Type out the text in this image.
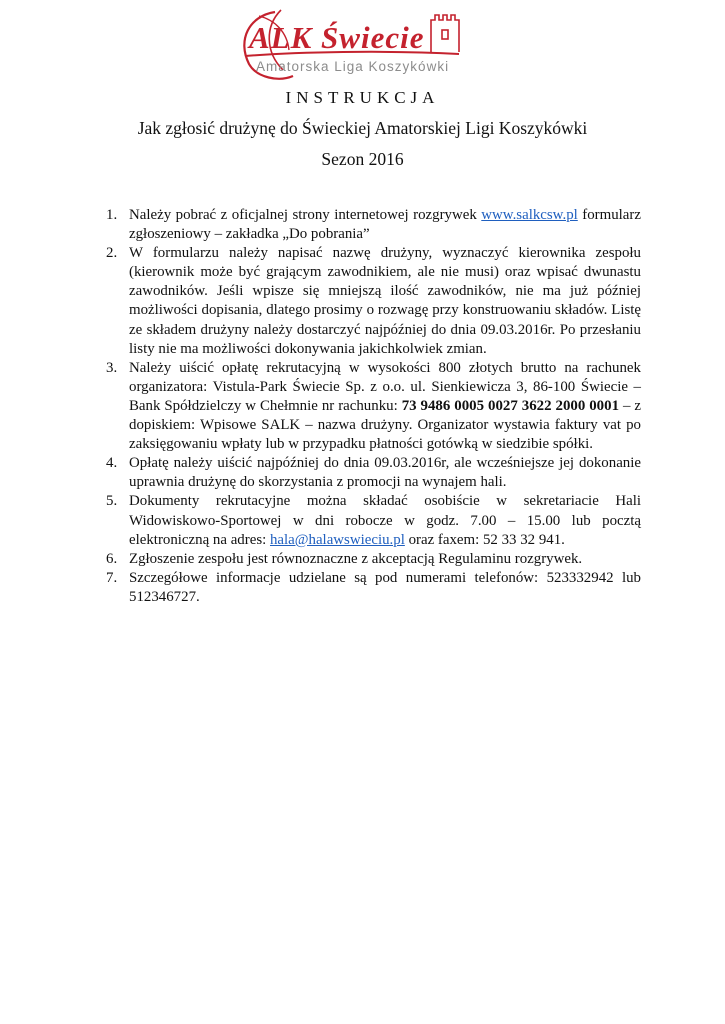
ALK Świecie
Amatorska Liga Koszykówki
INSTRUKCJA
Jak zgłosić drużynę do Świeckiej Amatorskiej Ligi Koszykówki
Sezon 2016
1. Należy pobrać z oficjalnej strony internetowej rozgrywek www.salkcsw.pl formularz zgłoszeniowy – zakładka „Do pobrania”
2. W formularzu należy napisać nazwę drużyny, wyznaczyć kierownika zespołu (kierownik może być grającym zawodnikiem, ale nie musi) oraz wpisać dwunastu zawodników. Jeśli wpisze się mniejszą ilość zawodników, nie ma już później możliwości dopisania, dlatego prosimy o rozwagę przy konstruowaniu składów. Listę ze składem drużyny należy dostarczyć najpóźniej do dnia 09.03.2016r. Po przesłaniu listy nie ma możliwości dokonywania jakichkolwiek zmian.
3. Należy uiścić opłatę rekrutacyjną w wysokości 800 złotych brutto na rachunek organizatora: Vistula-Park Świecie Sp. z o.o. ul. Sienkiewicza 3, 86-100 Świecie – Bank Spółdzielczy w Chełmnie nr rachunku: 73 9486 0005 0027 3622 2000 0001 – z dopiskiem: Wpisowe SALK – nazwa drużyny. Organizator wystawia faktury vat po zaksięgowaniu wpłaty lub w przypadku płatności gotówką w siedzibie spółki.
4. Opłatę należy uiścić najpóźniej do dnia 09.03.2016r, ale wcześniejsze jej dokonanie uprawnia drużynę do skorzystania z promocji na wynajem hali.
5. Dokumenty rekrutacyjne można składać osobiście w sekretariacie Hali Widowiskowo-Sportowej w dni robocze w godz. 7.00 – 15.00 lub pocztą elektroniczną na adres: hala@halawswieciu.pl oraz faxem: 52 33 32 941.
6. Zgłoszenie zespołu jest równoznaczne z akceptacją Regulaminu rozgrywek.
7. Szczegółowe informacje udzielane są pod numerami telefonów: 523332942 lub 512346727.
